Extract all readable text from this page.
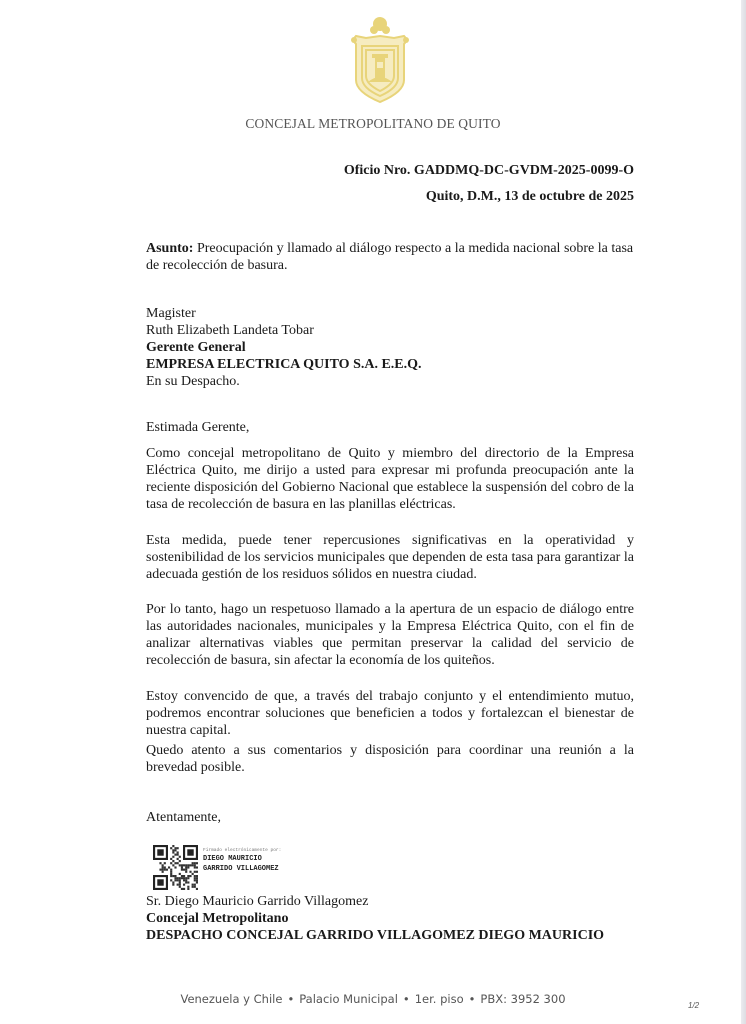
CONCEJAL METROPOLITANO DE QUITO
Oficio Nro. GADDMQ-DC-GVDM-2025-0099-O
Quito, D.M., 13 de octubre de 2025
Asunto: Preocupación y llamado al diálogo respecto a la medida nacional sobre la tasa de recolección de basura.
Magister
Ruth Elizabeth Landeta Tobar
Gerente General
EMPRESA ELECTRICA QUITO S.A. E.E.Q.
En su Despacho.
Estimada Gerente,
Como concejal metropolitano de Quito y miembro del directorio de la Empresa Eléctrica Quito, me dirijo a usted para expresar mi profunda preocupación ante la reciente disposición del Gobierno Nacional que establece la suspensión del cobro de la tasa de recolección de basura en las planillas eléctricas.
Esta medida, puede tener repercusiones significativas en la operatividad y sostenibilidad de los servicios municipales que dependen de esta tasa para garantizar la adecuada gestión de los residuos sólidos en nuestra ciudad.
Por lo tanto, hago un respetuoso llamado a la apertura de un espacio de diálogo entre las autoridades nacionales, municipales y la Empresa Eléctrica Quito, con el fin de analizar alternativas viables que permitan preservar la calidad del servicio de recolección de basura, sin afectar la economía de los quiteños.
Estoy convencido de que, a través del trabajo conjunto y el entendimiento mutuo, podremos encontrar soluciones que beneficien a todos y fortalezcan el bienestar de nuestra capital.
Quedo atento a sus comentarios y disposición para coordinar una reunión a la brevedad posible.
Atentamente,
Firmado electrónicamente por:
DIEGO MAURICIO
GARRIDO VILLAGOMEZ
Sr. Diego Mauricio Garrido Villagomez
Concejal Metropolitano
DESPACHO CONCEJAL GARRIDO VILLAGOMEZ DIEGO MAURICIO
Venezuela y Chile • Palacio Municipal • 1er. piso • PBX: 3952 300	1/2
